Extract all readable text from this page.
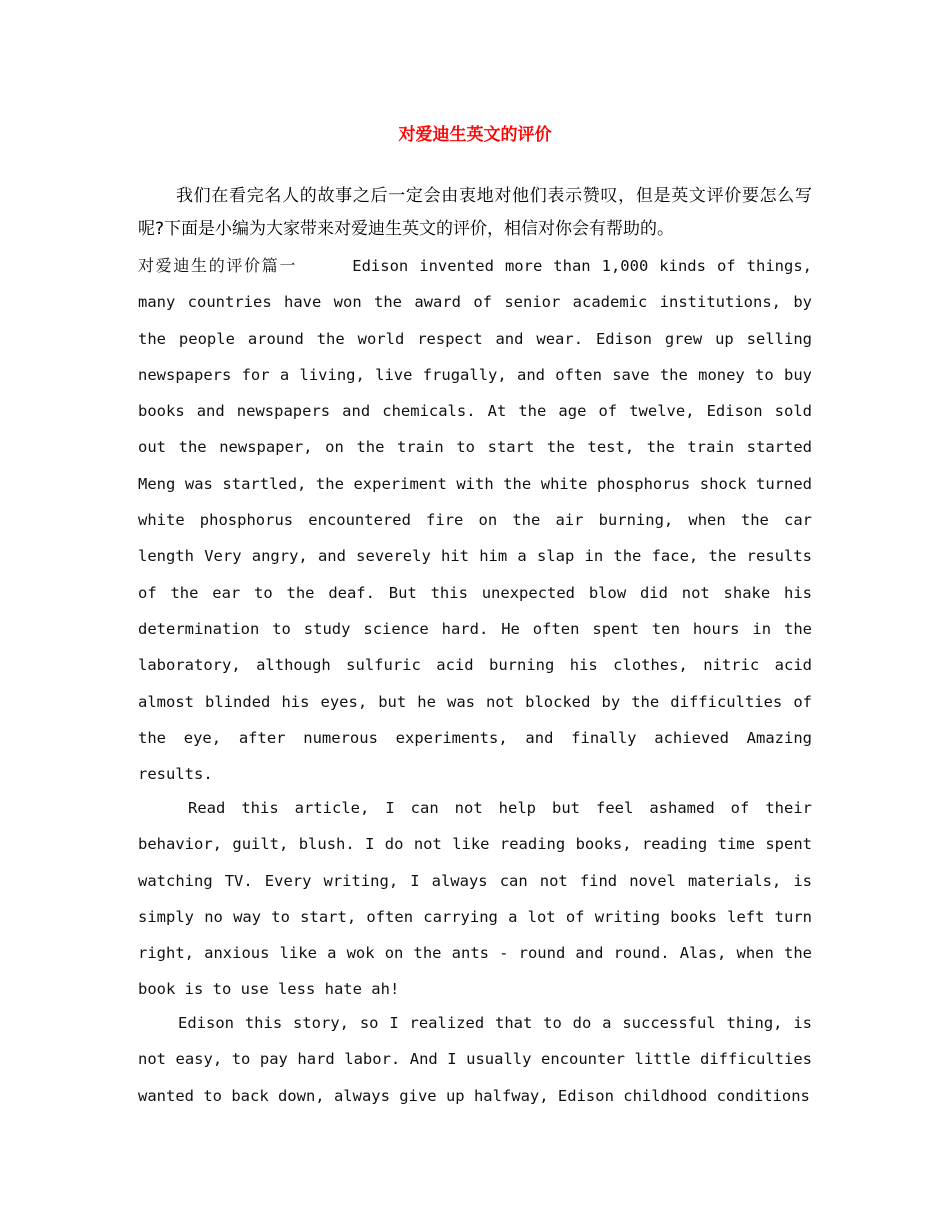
对爱迪生英文的评价

我们在看完名人的故事之后一定会由衷地对他们表示赞叹，但是英文评价要怎么写呢?下面是小编为大家带来对爱迪生英文的评价，相信对你会有帮助的。

对爱迪生的评价篇一	Edison invented more than 1,000 kinds of things, many countries have won the award of senior academic institutions, by the people around the world respect and wear. Edison grew up selling newspapers for a living, live frugally, and often save the money to buy books and newspapers and chemicals. At the age of twelve, Edison sold out the newspaper, on the train to start the test, the train started Meng was startled, the experiment with the white phosphorus shock turned white phosphorus encountered fire on the air burning, when the car length Very angry, and severely hit him a slap in the face, the results of the ear to the deaf. But this unexpected blow did not shake his determination to study science hard. He often spent ten hours in the laboratory, although sulfuric acid burning his clothes, nitric acid almost blinded his eyes, but he was not blocked by the difficulties of the eye, after numerous experiments, and finally achieved Amazing results.

Read this article, I can not help but feel ashamed of their behavior, guilt, blush. I do not like reading books, reading time spent watching TV. Every writing, I always can not find novel materials, is simply no way to start, often carrying a lot of writing books left turn right, anxious like a wok on the ants - round and round. Alas, when the book is to use less hate ah!

Edison this story, so I realized that to do a successful thing, is not easy, to pay hard labor. And I usually encounter little difficulties wanted to back down, always give up halfway, Edison childhood conditions
